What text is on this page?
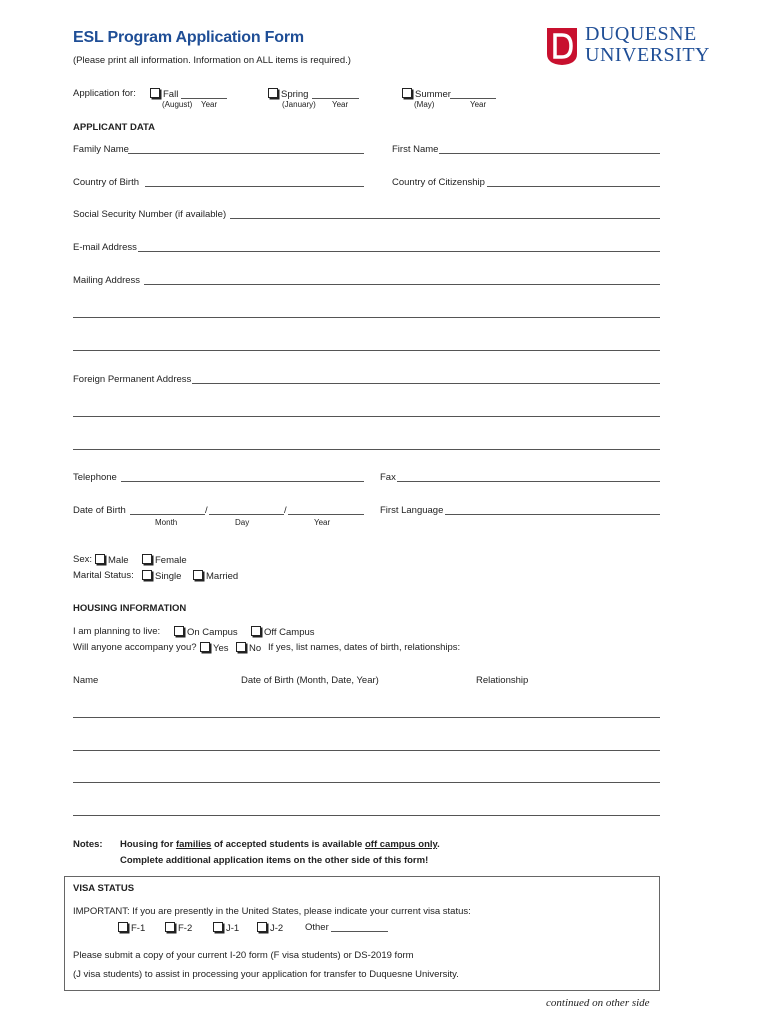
ESL Program Application Form
(Please print all information. Information on ALL items is required.)
DUQUESNE
UNIVERSITY
Application for:	Fall
(August) Year
Spring
(January) Year
Summer
(May)	Year
APPLICANT DATA
Family Name	First Name
Country of Birth	Country of Citizenship
Social Security Number (if available)
E-mail Address
Mailing Address
Foreign Permanent Address
Telephone	Fax
Date of Birth	/	/
Month	Day	Year
First Language
Sex:	Male	Female
Marital Status:	Single	Married
HOUSING INFORMATION
I am planning to live:	On Campus	Off Campus
Will anyone accompany you?	Yes	No If yes, list names, dates of birth, relationships:
Name	Date of Birth (Month, Date, Year)	Relationship
Notes: Housing for families of accepted students is available off campus only.
Complete additional application items on the other side of this form!
VISA STATUS
IMPORTANT: If you are presently in the United States, please indicate your current visa status:
F-1	F-2	J-1	J-2 Other
Please submit a copy of your current I-20 form (F visa students) or DS-2019 form
(J visa students) to assist in processing your application for transfer to Duquesne University.
continued on other side
